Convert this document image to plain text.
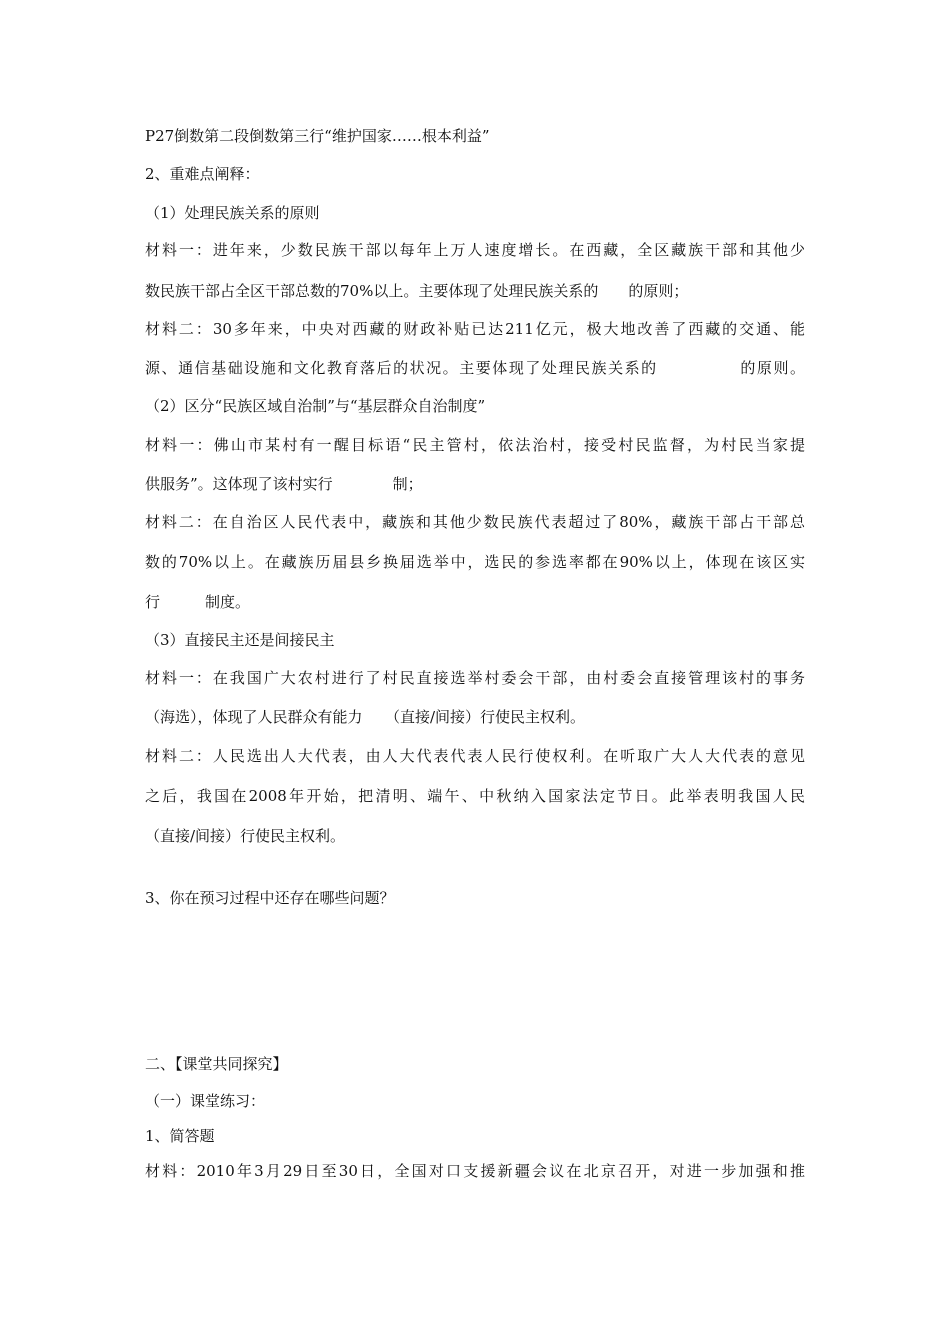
P27倒数第二段倒数第三行“维护国家……根本利益”
2、重难点阐释：
（1）处理民族关系的原则
材料一：进年来，少数民族干部以每年上万人速度增长。在西藏，全区藏族干部和其他少
数民族干部占全区干部总数的70%以上。主要体现了处理民族关系的　　的原则；
材料二：30多年来，中央对西藏的财政补贴已达211亿元，极大地改善了西藏的交通、能
源、通信基础设施和文化教育落后的状况。主要体现了处理民族关系的　　　　　的原则。
（2）区分“民族区域自治制”与“基层群众自治制度”
材料一：佛山市某村有一醒目标语“民主管村，依法治村，接受村民监督，为村民当家提
供服务”。这体现了该村实行　　　　制；
材料二：在自治区人民代表中，藏族和其他少数民族代表超过了80%，藏族干部占干部总
数的70%以上。在藏族历届县乡换届选举中，选民的参选率都在90%以上，体现在该区实
行　　　制度。
（3）直接民主还是间接民主
材料一：在我国广大农村进行了村民直接选举村委会干部，由村委会直接管理该村的事务
（海选），体现了人民群众有能力　　（直接/间接）行使民主权利。
材料二：人民选出人大代表，由人大代表代表人民行使权利。在听取广大人大代表的意见
之后，我国在2008年开始，把清明、端午、中秋纳入国家法定节日。此举表明我国人民
（直接/间接）行使民主权利。
3、你在预习过程中还存在哪些问题？
二、【课堂共同探究】
（一）课堂练习：
1、简答题
材料：2010年3月29日至30日，全国对口支援新疆会议在北京召开，对进一步加强和推
